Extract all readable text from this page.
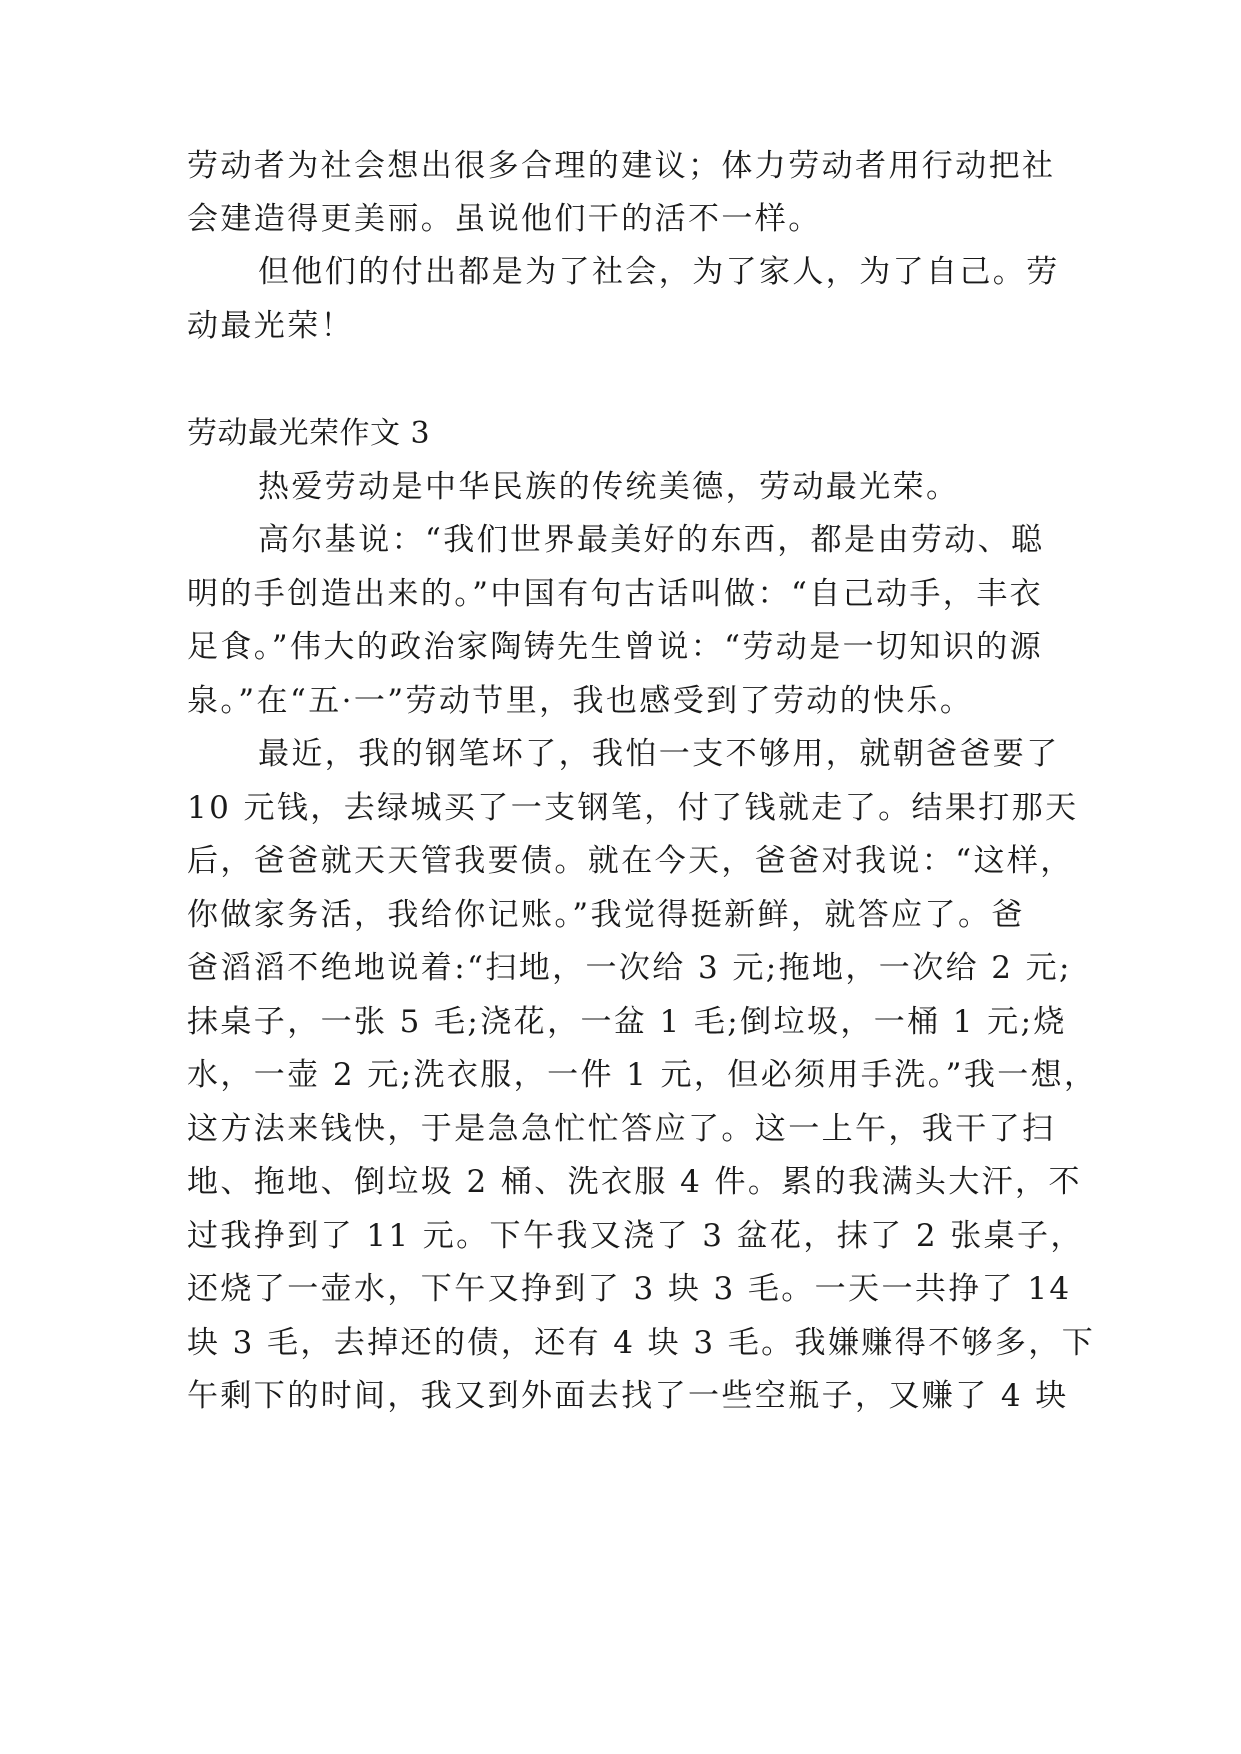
劳动者为社会想出很多合理的建议；体力劳动者用行动把社
会建造得更美丽。虽说他们干的活不一样。
但他们的付出都是为了社会，为了家人，为了自己。劳
动最光荣！
劳动最光荣作文 3
热爱劳动是中华民族的传统美德，劳动最光荣。
高尔基说：“我们世界最美好的东西，都是由劳动、聪
明的手创造出来的。”中国有句古话叫做：“自己动手，丰衣
足食。”伟大的政治家陶铸先生曾说：“劳动是一切知识的源
泉。”在“五·一”劳动节里，我也感受到了劳动的快乐。
最近，我的钢笔坏了，我怕一支不够用，就朝爸爸要了
10 元钱，去绿城买了一支钢笔，付了钱就走了。结果打那天
后，爸爸就天天管我要债。就在今天，爸爸对我说：“这样，
你做家务活，我给你记账。”我觉得挺新鲜，就答应了。爸
爸滔滔不绝地说着:“扫地，一次给 3 元;拖地，一次给 2 元;
抹桌子，一张 5 毛;浇花，一盆 1 毛;倒垃圾，一桶 1 元;烧
水，一壶 2 元;洗衣服，一件 1 元，但必须用手洗。”我一想，
这方法来钱快，于是急急忙忙答应了。这一上午，我干了扫
地、拖地、倒垃圾 2 桶、洗衣服 4 件。累的我满头大汗，不
过我挣到了 11 元。下午我又浇了 3 盆花，抹了 2 张桌子，
还烧了一壶水，下午又挣到了 3 块 3 毛。一天一共挣了 14
块 3 毛，去掉还的债，还有 4 块 3 毛。我嫌赚得不够多，下
午剩下的时间，我又到外面去找了一些空瓶子，又赚了 4 块
